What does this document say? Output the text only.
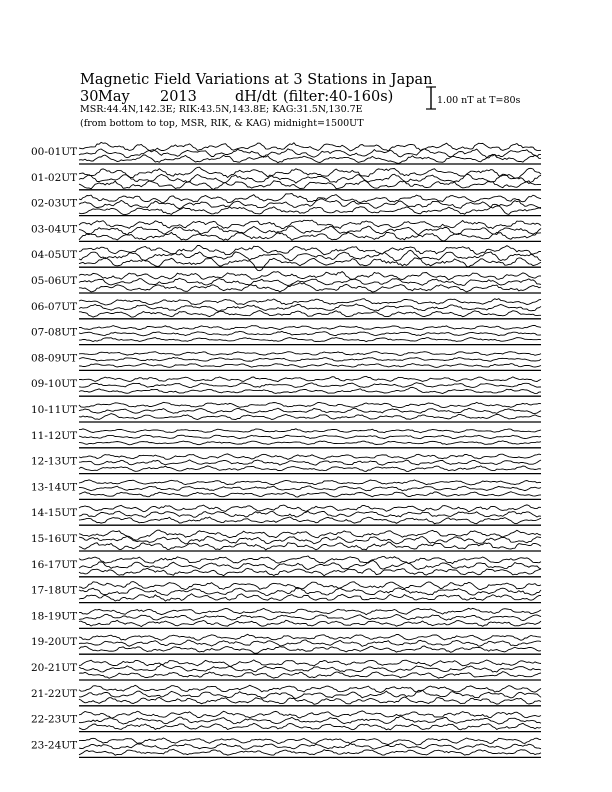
Magnetic Field Variations at 3 Stations in Japan
30May 2013	dH/dt (filter:40-160s)
MSR:44.4N,142.3E; RIK:43.5N,143.8E; KAG:31.5N,130.7E
(from bottom to top, MSR, RIK, & KAG) midnight=1500UT
1.00 nT at T=80s
00-01UT
01-02UT
02-03UT
03-04UT
04-05UT
05-06UT
06-07UT
07-08UT
08-09UT
09-10UT
10-11UT
11-12UT
12-13UT
13-14UT
14-15UT
15-16UT
16-17UT
17-18UT
18-19UT
19-20UT
20-21UT
21-22UT
22-23UT
23-24UT
